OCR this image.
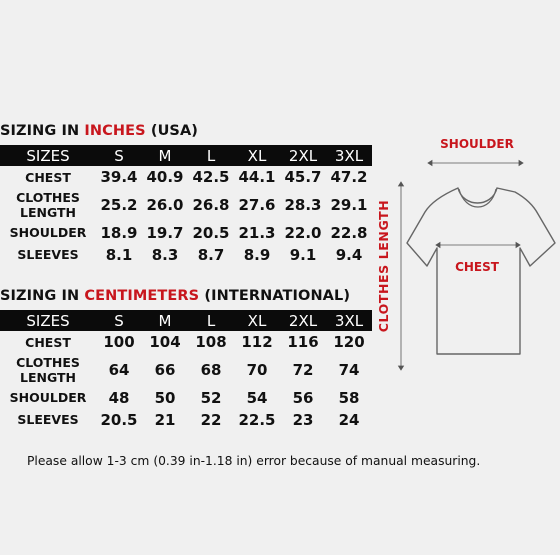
SIZING IN INCHES (USA)
SIZES	S	M	L	XL	2XL	3XL
CHEST	39.4	40.9	42.5	44.1	45.7	47.2
CLOTHES LENGTH	25.2	26.0	26.8	27.6	28.3	29.1
SHOULDER	18.9	19.7	20.5	21.3	22.0	22.8
SLEEVES	8.1	8.3	8.7	8.9	9.1	9.4
SIZING IN CENTIMETERS (INTERNATIONAL)
SIZES	S	M	L	XL	2XL	3XL
CHEST	100	104	108	112	116	120
CLOTHES LENGTH	64	66	68	70	72	74
SHOULDER	48	50	52	54	56	58
SLEEVES	20.5	21	22	22.5	23	24
SHOULDER
CHEST
CLOTHES LENGTH
Please allow 1-3 cm (0.39 in-1.18 in) error because of manual measuring.
